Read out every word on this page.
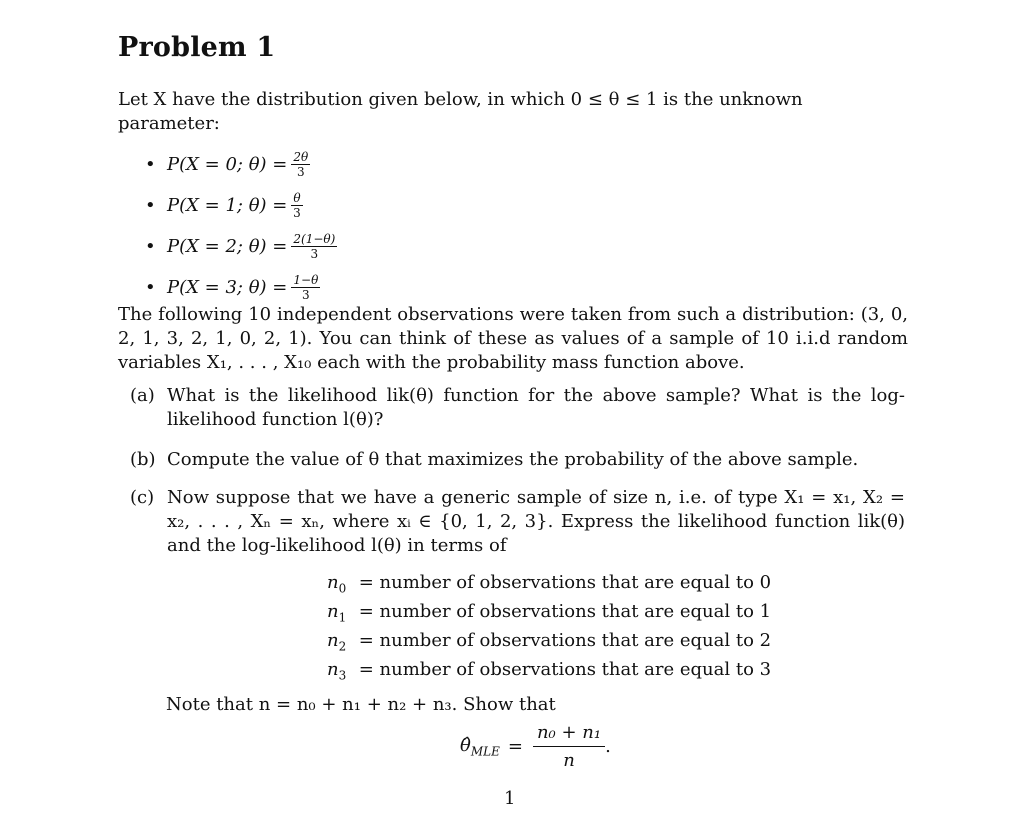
Problem 1
Let X have the distribution given below, in which 0 ≤ θ ≤ 1 is the unknown parameter:
• P(X = 0; $\theta) = \frac{2\theta}{3}$
• P(X = 1; $\theta) = \frac{\theta}{3}$
• P(X = 2; $\theta) = \frac{2(1-\theta)}{3}$
• P(X = 3; $\theta) = \frac{1-\theta}{3}$
The following 10 independent observations were taken from such a distribution: (3, 0, 2, 1, 3, 2, 1, 0, 2, 1). You can think of these as values of a sample of 10 i.i.d random variables X₁, . . . , X₁₀ each with the probability mass function above.
(a) What is the likelihood lik(θ) function for the above sample? What is the log-likelihood function l(θ)?
(b) Compute the value of θ that maximizes the probability of the above sample.
(c) Now suppose that we have a generic sample of size n, i.e. of type X₁ = x₁, X₂ = x₂, . . . , Xₙ = xₙ, where xᵢ ∈ {0, 1, 2, 3}. Express the likelihood function lik(θ) and the log-likelihood l(θ) in terms of
$n_0$ = number of observations that are equal to 0
$n_1$ = number of observations that are equal to 1
$n_2$ = number of observations that are equal to 2
$n_3$ = number of observations that are equal to 3
Note that n = n₀ + n₁ + n₂ + n₃. Show that
$\thetâ_{MLE} = \frac{\text{n₀ + n₁}}{n}$ .
1
